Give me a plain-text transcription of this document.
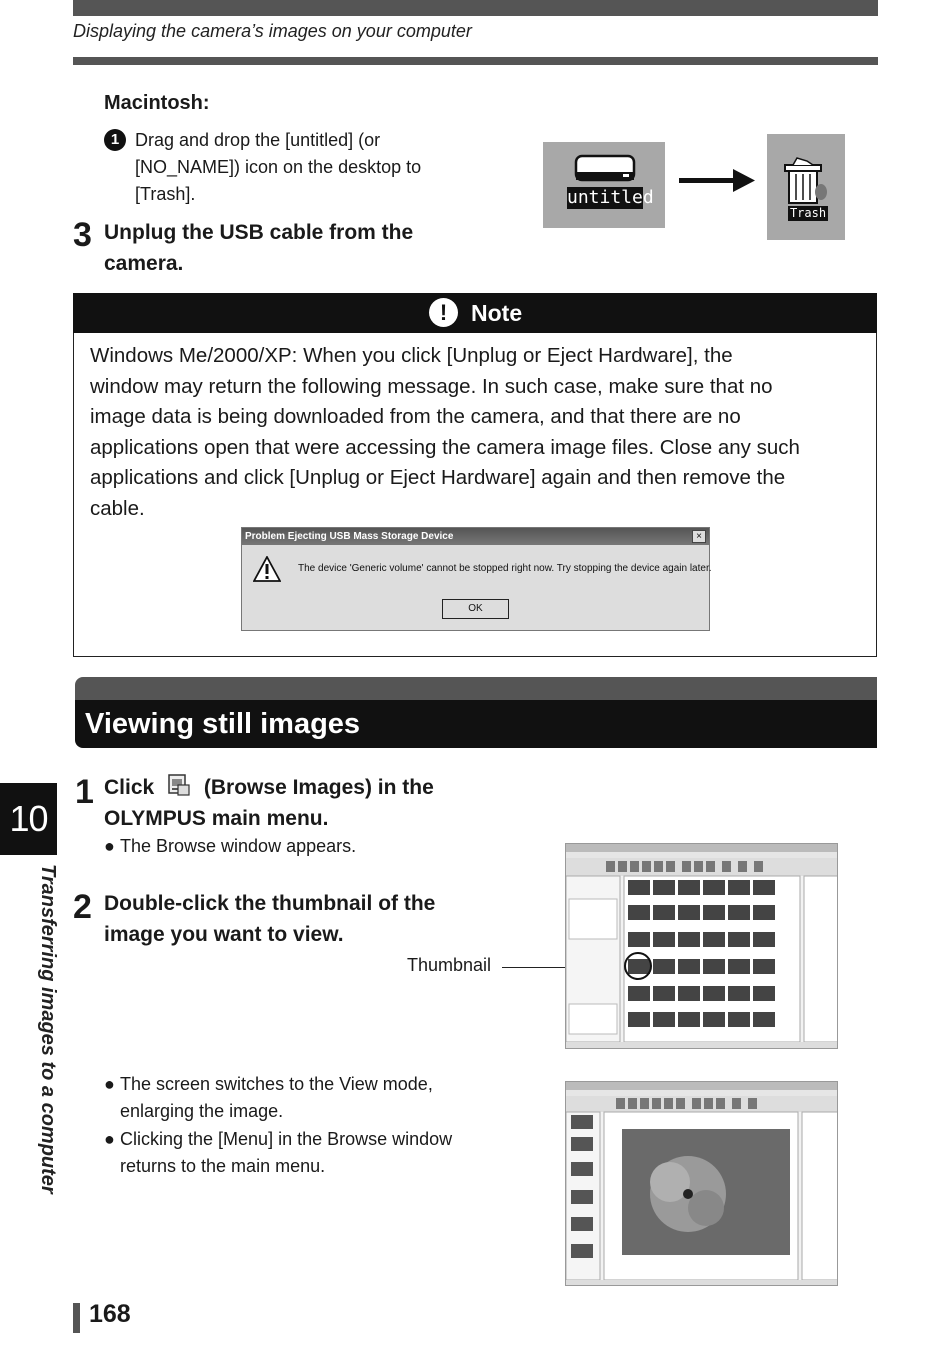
Displaying the camera’s images on your computer
Macintosh:
1 Drag and drop the [untitled] (or
[NO_NAME]) icon on the desktop to
[Trash].	untitled
Trash
3 Unplug the USB cable from the
camera.
!	Note
Windows Me/2000/XP: When you click [Unplug or Eject Hardware], the
window may return the following message. In such case, make sure that no
image data is being downloaded from the camera, and that there are no
applications open that were accessing the camera image files. Close any such
applications and click [Unplug or Eject Hardware] again and then remove the
cable.
Problem Ejecting USB Mass Storage Device	×
The device 'Generic volume' cannot be stopped right now. Try stopping the device again later.
OK
Viewing still images
10
Transferring images to a computer
1 Click (Browse Images) in the
OLYMPUS main menu.
● The Browse window appears.
2 Double-click the thumbnail of the
image you want to view.
Thumbnail
● The screen switches to the View mode,
enlarging the image.
● Clicking the [Menu] in the Browse window
returns to the main menu.
168
